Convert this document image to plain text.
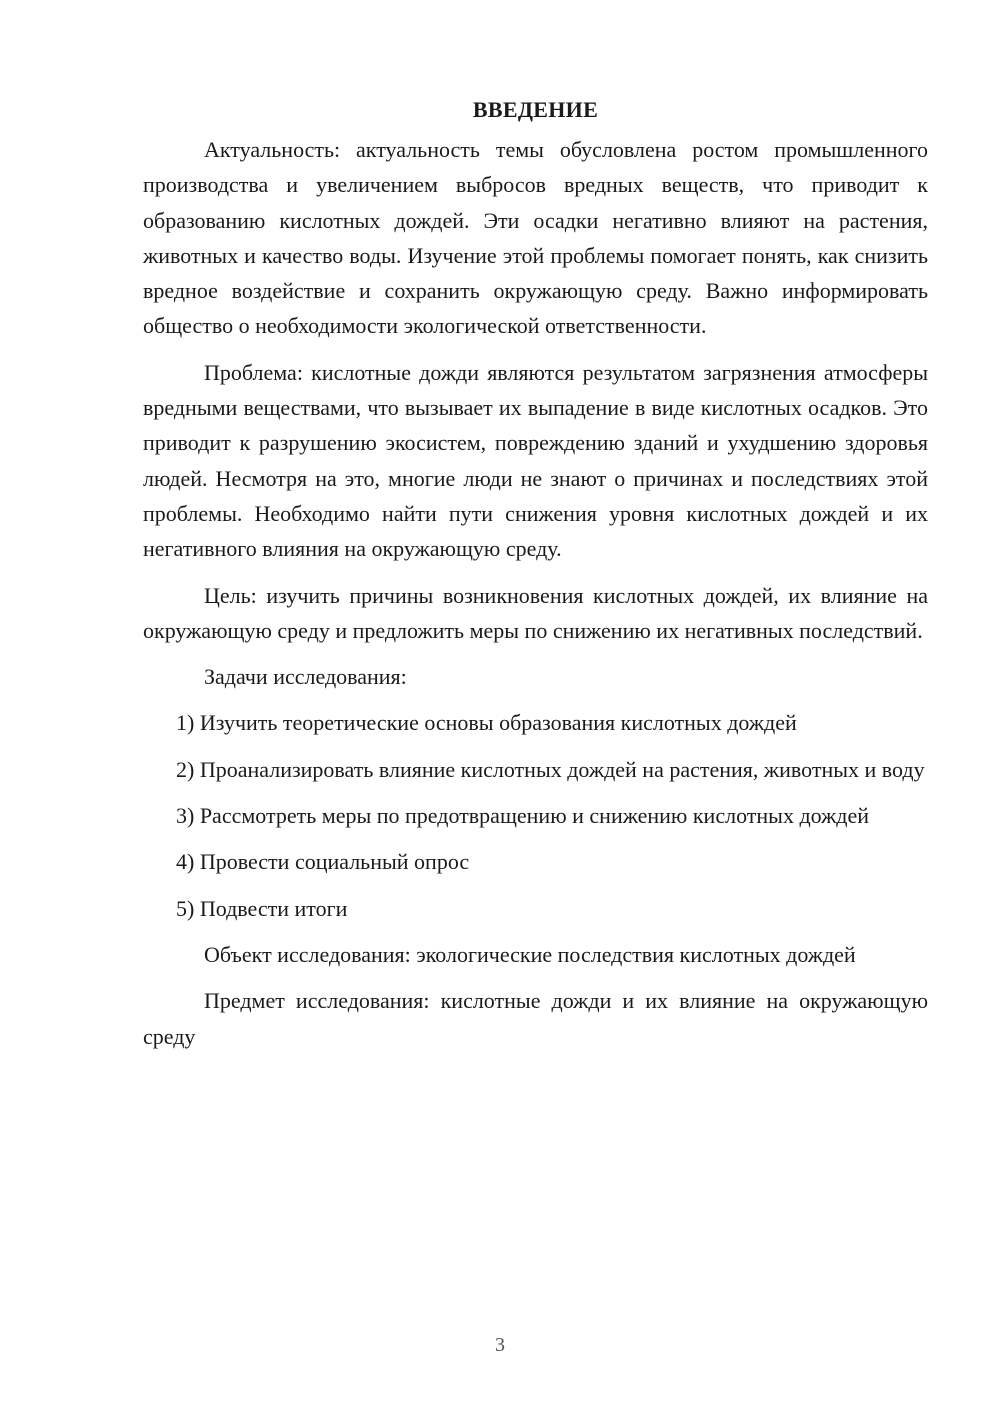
ВВЕДЕНИЕ

Актуальность: актуальность темы обусловлена ростом промышленного производства и увеличением выбросов вредных веществ, что приводит к образованию кислотных дождей. Эти осадки негативно влияют на растения, животных и качество воды. Изучение этой проблемы помогает понять, как снизить вредное воздействие и сохранить окружающую среду. Важно информировать общество о необходимости экологической ответственности.

Проблема: кислотные дожди являются результатом загрязнения атмосферы вредными веществами, что вызывает их выпадение в виде кислотных осадков. Это приводит к разрушению экосистем, повреждению зданий и ухудшению здоровья людей. Несмотря на это, многие люди не знают о причинах и последствиях этой проблемы. Необходимо найти пути снижения уровня кислотных дождей и их негативного влияния на окружающую среду.

Цель: изучить причины возникновения кислотных дождей, их влияние на окружающую среду и предложить меры по снижению их негативных последствий.

Задачи исследования:

1) Изучить теоретические основы образования кислотных дождей

2) Проанализировать влияние кислотных дождей на растения, животных и воду

3) Рассмотреть меры по предотвращению и снижению кислотных дождей

4) Провести социальный опрос

5) Подвести итоги

Объект исследования: экологические последствия кислотных дождей

Предмет исследования: кислотные дожди и их влияние на окружающую среду

3
